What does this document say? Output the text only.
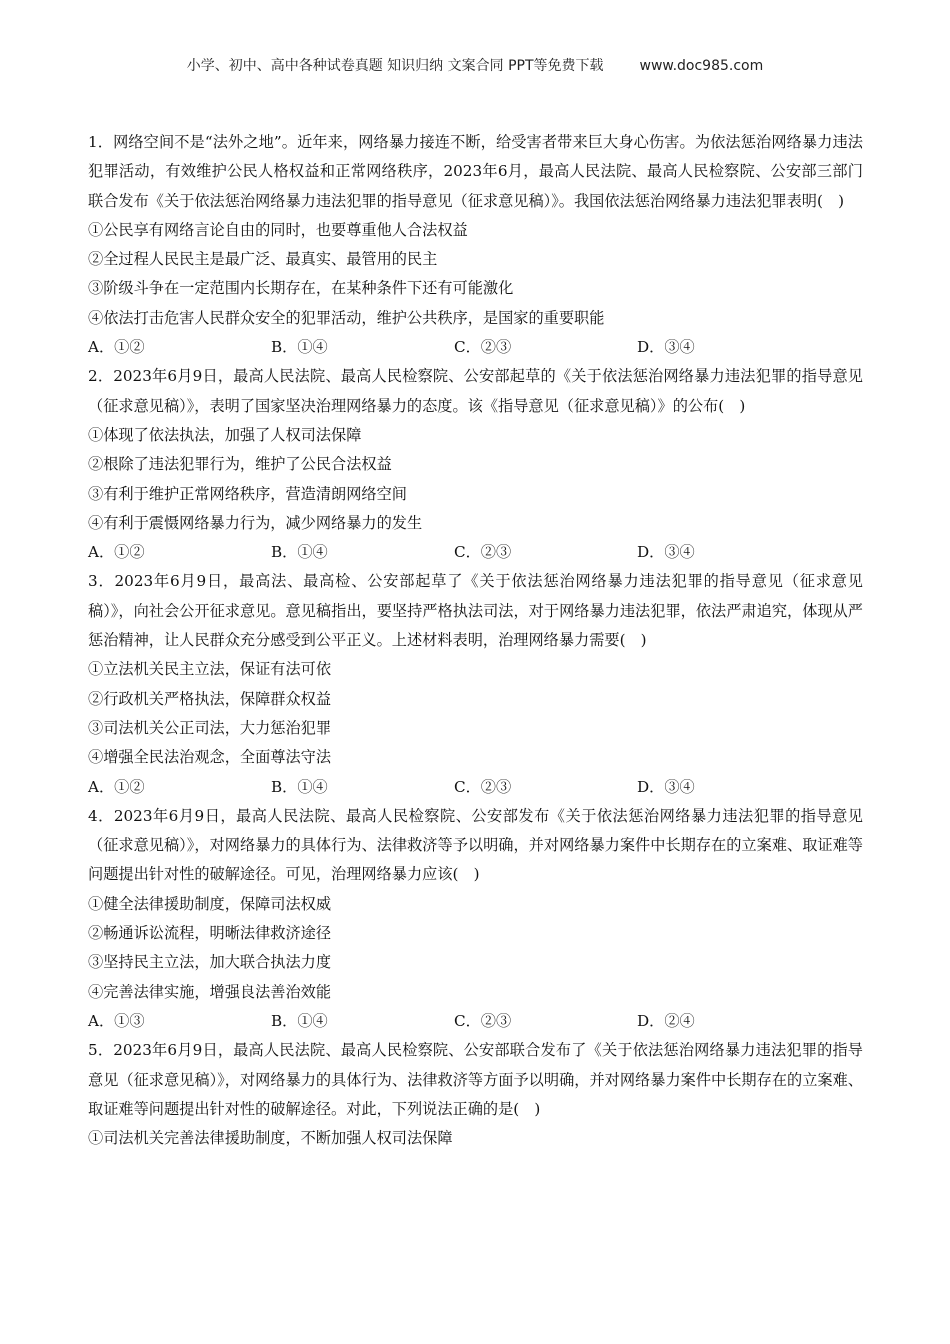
小学、初中、高中各种试卷真题 知识归纳 文案合同 PPT等免费下载	www.doc985.com
1．网络空间不是“法外之地”。近年来，网络暴力接连不断，给受害者带来巨大身心伤害。为依法惩治网络暴力违法犯罪活动，有效维护公民人格权益和正常网络秩序，2023年6月，最高人民法院、最高人民检察院、公安部三部门联合发布《关于依法惩治网络暴力违法犯罪的指导意见（征求意见稿）》。我国依法惩治网络暴力违法犯罪表明(　)
①公民享有网络言论自由的同时，也要尊重他人合法权益
②全过程人民民主是最广泛、最真实、最管用的民主
③阶级斗争在一定范围内长期存在，在某种条件下还有可能激化
④依法打击危害人民群众安全的犯罪活动，维护公共秩序，是国家的重要职能
A．①②	B．①④	C．②③	D．③④
2．2023年6月9日，最高人民法院、最高人民检察院、公安部起草的《关于依法惩治网络暴力违法犯罪的指导意见（征求意见稿）》，表明了国家坚决治理网络暴力的态度。该《指导意见（征求意见稿）》的公布(　)
①体现了依法执法，加强了人权司法保障
②根除了违法犯罪行为，维护了公民合法权益
③有利于维护正常网络秩序，营造清朗网络空间
④有利于震慑网络暴力行为，减少网络暴力的发生
A．①②	B．①④	C．②③	D．③④
3．2023年6月9日，最高法、最高检、公安部起草了《关于依法惩治网络暴力违法犯罪的指导意见（征求意见稿）》，向社会公开征求意见。意见稿指出，要坚持严格执法司法，对于网络暴力违法犯罪，依法严肃追究，体现从严惩治精神，让人民群众充分感受到公平正义。上述材料表明，治理网络暴力需要(　)
①立法机关民主立法，保证有法可依
②行政机关严格执法，保障群众权益
③司法机关公正司法，大力惩治犯罪
④增强全民法治观念，全面尊法守法
A．①②	B．①④	C．②③	D．③④
4．2023年6月9日，最高人民法院、最高人民检察院、公安部发布《关于依法惩治网络暴力违法犯罪的指导意见（征求意见稿）》，对网络暴力的具体行为、法律救济等予以明确，并对网络暴力案件中长期存在的立案难、取证难等问题提出针对性的破解途径。可见，治理网络暴力应该(　)
①健全法律援助制度，保障司法权威
②畅通诉讼流程，明晰法律救济途径
③坚持民主立法，加大联合执法力度
④完善法律实施，增强良法善治效能
A．①③	B．①④	C．②③	D．②④
5．2023年6月9日，最高人民法院、最高人民检察院、公安部联合发布了《关于依法惩治网络暴力违法犯罪的指导意见（征求意见稿）》，对网络暴力的具体行为、法律救济等方面予以明确，并对网络暴力案件中长期存在的立案难、取证难等问题提出针对性的破解途径。对此，下列说法正确的是(　)
①司法机关完善法律援助制度，不断加强人权司法保障
